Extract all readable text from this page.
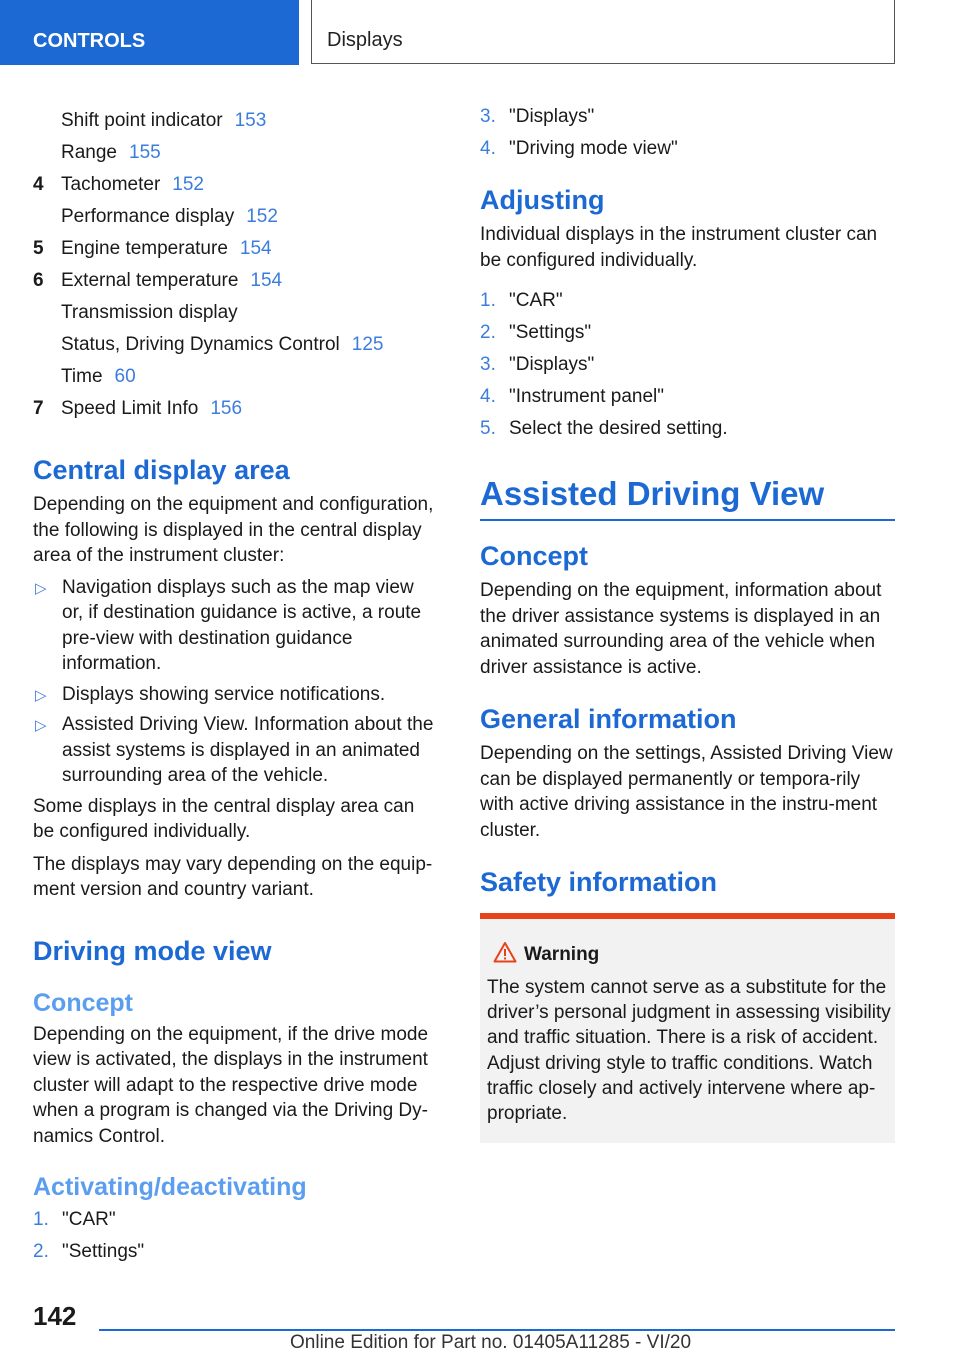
CONTROLS	Displays
Shift point indicator 153
Range 155
4 Tachometer 152
Performance display 152
5 Engine temperature 154
6 External temperature 154
Transmission display
Status, Driving Dynamics Control 125
Time 60
7 Speed Limit Info 156
Central display area

Depending on the equipment and configuration, the following is displayed in the central display area of the instrument cluster:

▷ Navigation displays such as the map view or, if destination guidance is active, a route pre-view with destination guidance information.
▷ Displays showing service notifications.
▷ Assisted Driving View. Information about the assist systems is displayed in an animated surrounding area of the vehicle.

Some displays in the central display area can be configured individually.

The displays may vary depending on the equip-ment version and country variant.

Driving mode view
Concept

Depending on the equipment, if the drive mode view is activated, the displays in the instrument cluster will adapt to the respective drive mode when a program is changed via the Driving Dy-namics Control.

Activating/deactivating
1. "CAR"
2. "Settings"
3. "Displays"
4. "Driving mode view"
Adjusting

Individual displays in the instrument cluster can be configured individually.

1. "CAR"
2. "Settings"
3. "Displays"
4. "Instrument panel"
5. Select the desired setting.
Assisted Driving View
Concept

Depending on the equipment, information about the driver assistance systems is displayed in an animated surrounding area of the vehicle when driver assistance is active.

General information

Depending on the settings, Assisted Driving View can be displayed permanently or tempora-rily with active driving assistance in the instru-ment cluster.

Safety information
Warning
The system cannot serve as a substitute for the driver’s personal judgment in assessing visibility and traffic situation. There is a risk of accident. Adjust driving style to traffic conditions. Watch traffic closely and actively intervene where ap-propriate.
142
Online Edition for Part no. 01405A11285 - VI/20
